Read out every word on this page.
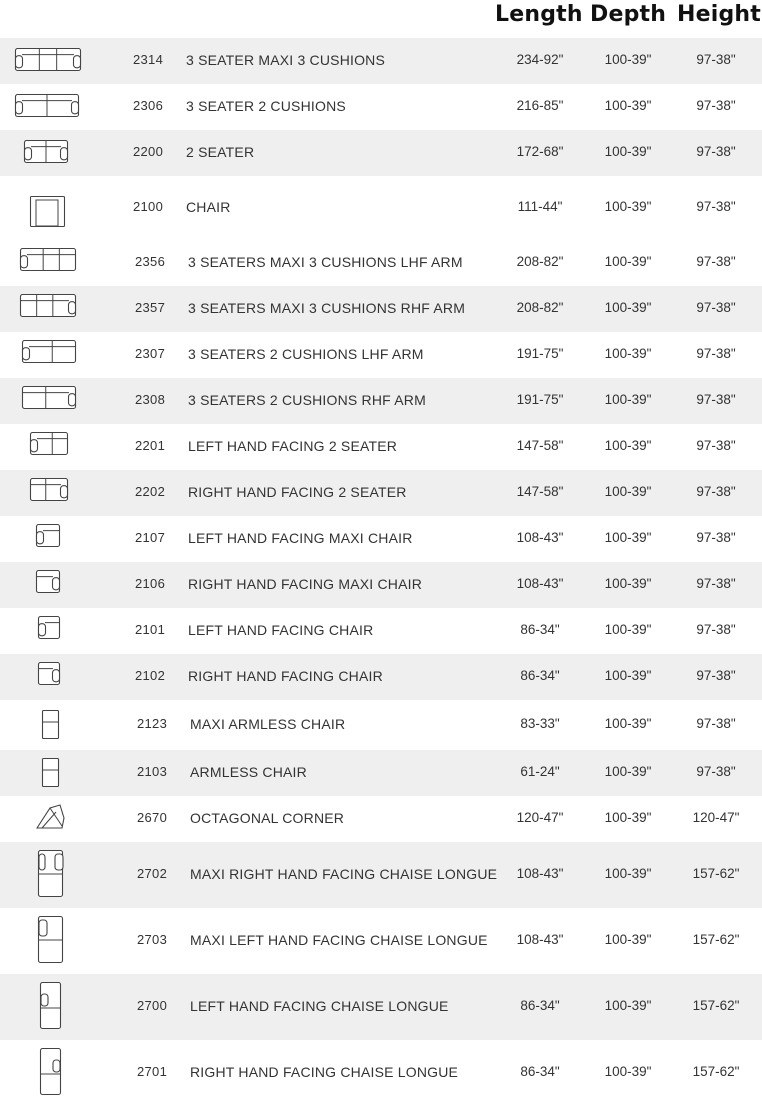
Length Depth Height
2314 3 SEATER MAXI 3 CUSHIONS	234-92"	100-39"	97-38"
2306 3 SEATER 2 CUSHIONS	216-85"	100-39"	97-38"
2200 2 SEATER	172-68"	100-39"	97-38"
2100 CHAIR	111-44"	100-39"	97-38"
2356 3 SEATERS MAXI 3 CUSHIONS LHF ARM	208-82"	100-39"	97-38"
2357 3 SEATERS MAXI 3 CUSHIONS RHF ARM	208-82"	100-39"	97-38"
2307 3 SEATERS 2 CUSHIONS LHF ARM	191-75"	100-39"	97-38"
2308 3 SEATERS 2 CUSHIONS RHF ARM	191-75"	100-39"	97-38"
2201 LEFT HAND FACING 2 SEATER	147-58"	100-39"	97-38"
2202 RIGHT HAND FACING 2 SEATER	147-58"	100-39"	97-38"
2107 LEFT HAND FACING MAXI CHAIR	108-43"	100-39"	97-38"
2106 RIGHT HAND FACING MAXI CHAIR	108-43"	100-39"	97-38"
2101 LEFT HAND FACING CHAIR	86-34"	100-39"	97-38"
2102 RIGHT HAND FACING CHAIR	86-34"	100-39"	97-38"
2123 MAXI ARMLESS CHAIR	83-33"	100-39"	97-38"
2103 ARMLESS CHAIR	61-24"	100-39"	97-38"
2670 OCTAGONAL CORNER	120-47"	100-39"	120-47"
2702 MAXI RIGHT HAND FACING CHAISE LONGUE	108-43"	100-39"	157-62"
2703 MAXI LEFT HAND FACING CHAISE LONGUE	108-43"	100-39"	157-62"
2700 LEFT HAND FACING CHAISE LONGUE	86-34"	100-39"	157-62"
2701 RIGHT HAND FACING CHAISE LONGUE	86-34"	100-39"	157-62"
